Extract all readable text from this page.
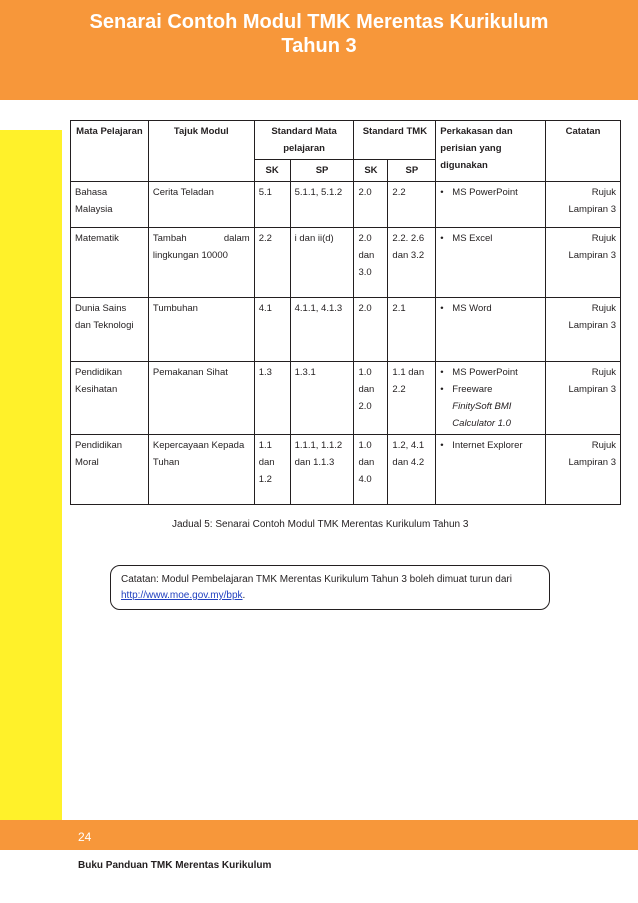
Senarai Contoh Modul TMK Merentas Kurikulum
Tahun 3
Mata Pelajaran	Tajuk Modul	Standard Mata pelajaran		Standard TMK		Perkakasan dan perisian yang digunakan	Catatan
		SK	SP	SK	SP		
Bahasa Malaysia	Cerita Teladan	5.1	5.1.1, 5.1.2	2.0	2.2	• MS PowerPoint	Rujuk Lampiran 3
Matematik	Tambah dalam
lingkungan 10000	2.2	i dan ii(d)	2.0 dan 3.0	2.2. 2.6 dan 3.2	• MS Excel	Rujuk Lampiran 3
Dunia Sains dan Teknologi	Tumbuhan	4.1	4.1.1, 4.1.3	2.0	2.1	• MS Word	Rujuk Lampiran 3
Pendidikan Kesihatan	Pemakanan Sihat	1.3	1.3.1	1.0 dan 2.0	1.1 dan 2.2	• MS PowerPoint
• Freeware
FinitySoft BMI Calculator 1.0	Rujuk Lampiran 3
Pendidikan Moral	Kepercayaan Kepada Tuhan	1.1 dan 1.2	1.1.1, 1.1.2 dan 1.1.3	1.0 dan 4.0	1.2, 4.1 dan 4.2	• Internet Explorer	Rujuk Lampiran 3
Jadual 5: Senarai Contoh Modul TMK Merentas Kurikulum Tahun 3
Catatan: Modul Pembelajaran TMK Merentas Kurikulum Tahun 3 boleh dimuat turun dari http://www.moe.gov.my/bpk.
24
Buku Panduan TMK Merentas Kurikulum
